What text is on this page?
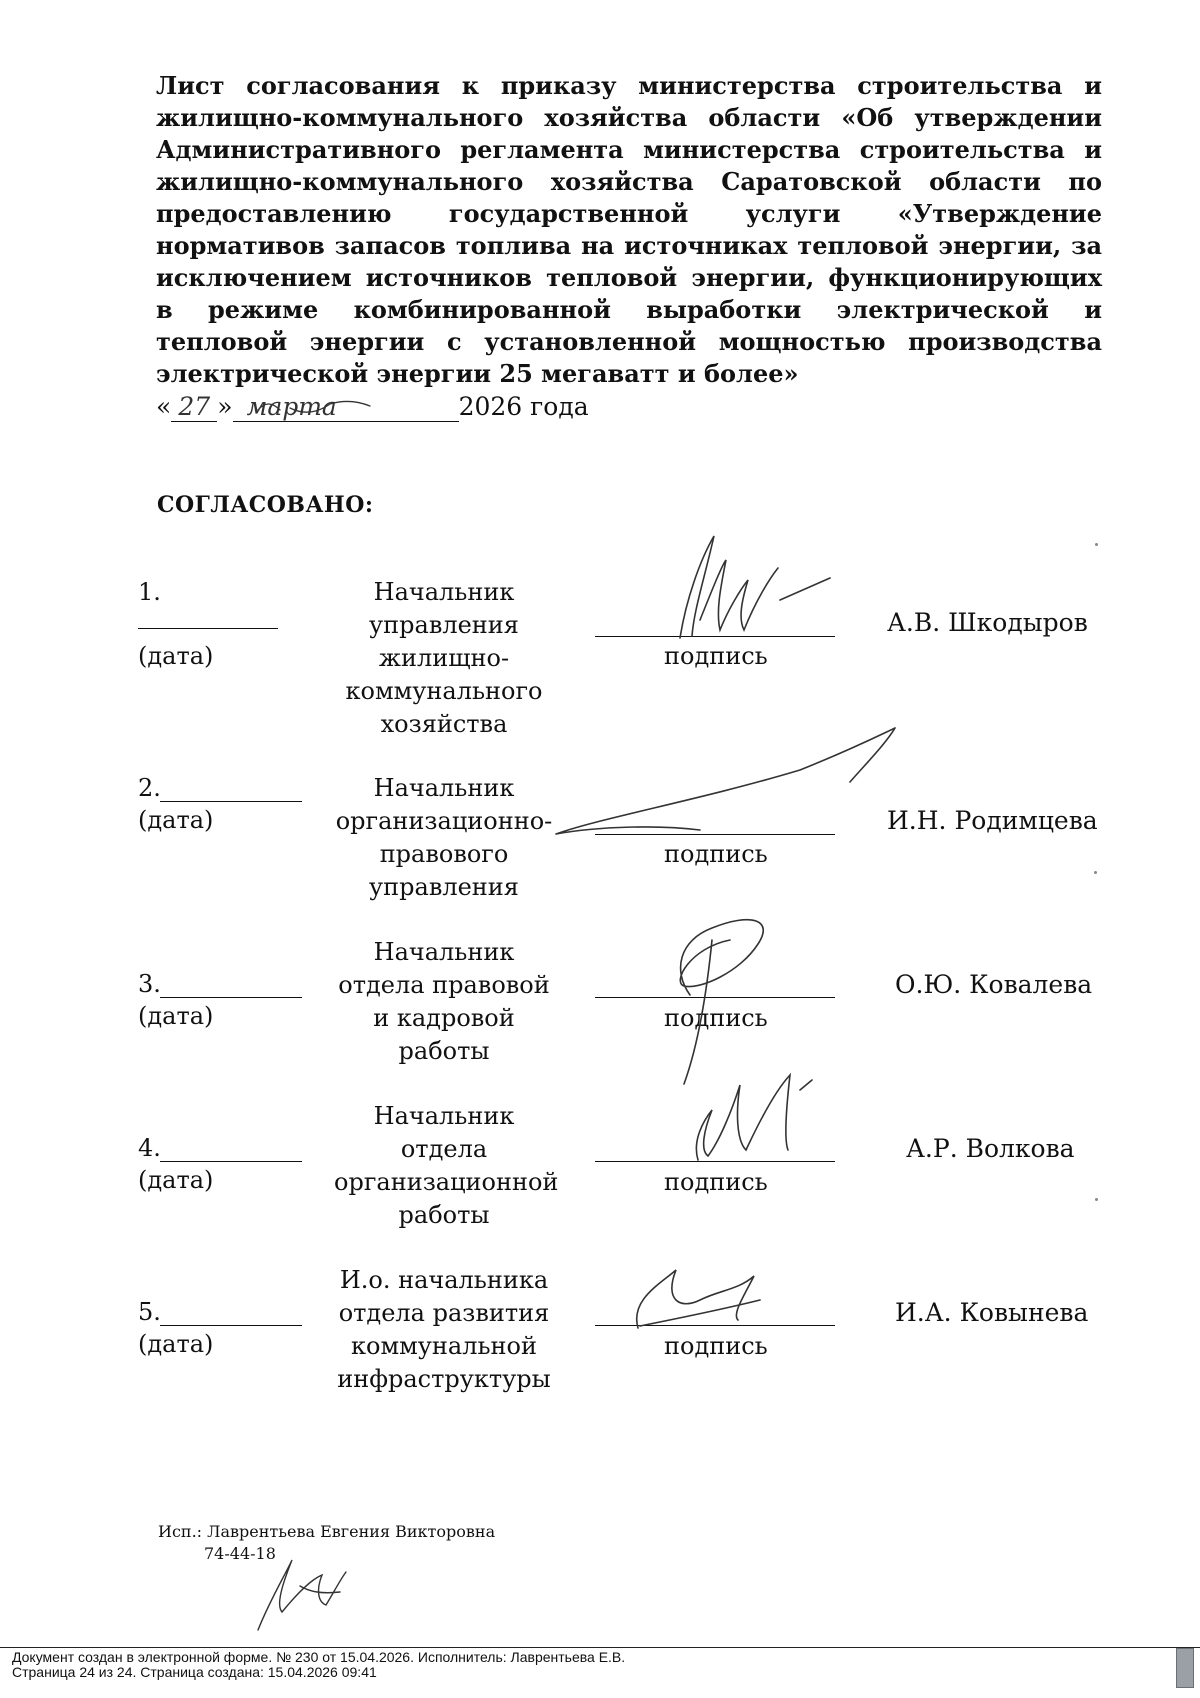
Лист согласования к приказу министерства строительства и жилищно-коммунального хозяйства области «Об утверждении Административного регламента министерства строительства и жилищно-коммунального хозяйства Саратовской области по предоставлению государственной услуги «Утверждение нормативов запасов топлива на источниках тепловой энергии, за исключением источников тепловой энергии, функционирующих в режиме комбинированной выработки электрической и тепловой энергии с установленной мощностью производства электрической энергии 25 мегаватт и более»
« 27 » марта	2026 года
СОГЛАСОВАНО:
1.
(дата)
Начальник управления жилищно-коммунального хозяйства
подпись
А.В. Шкодыров
2.
(дата)
Начальник организационно-правового управления
подпись
И.Н. Родимцева
3.
(дата)
Начальник отдела правовой и кадровой работы
подпись
О.Ю. Ковалева
4.
(дата)
Начальник отдела организационной работы
подпись
А.Р. Волкова
5.
(дата)
И.о. начальника отдела развития коммунальной инфраструктуры
подпись
И.А. Ковынева
Исп.: Лаврентьева Евгения Викторовна
74-44-18
Документ создан в электронной форме. № 230 от 15.04.2026. Исполнитель: Лаврентьева Е.В.
Страница 24 из 24. Страница создана: 15.04.2026 09:41
